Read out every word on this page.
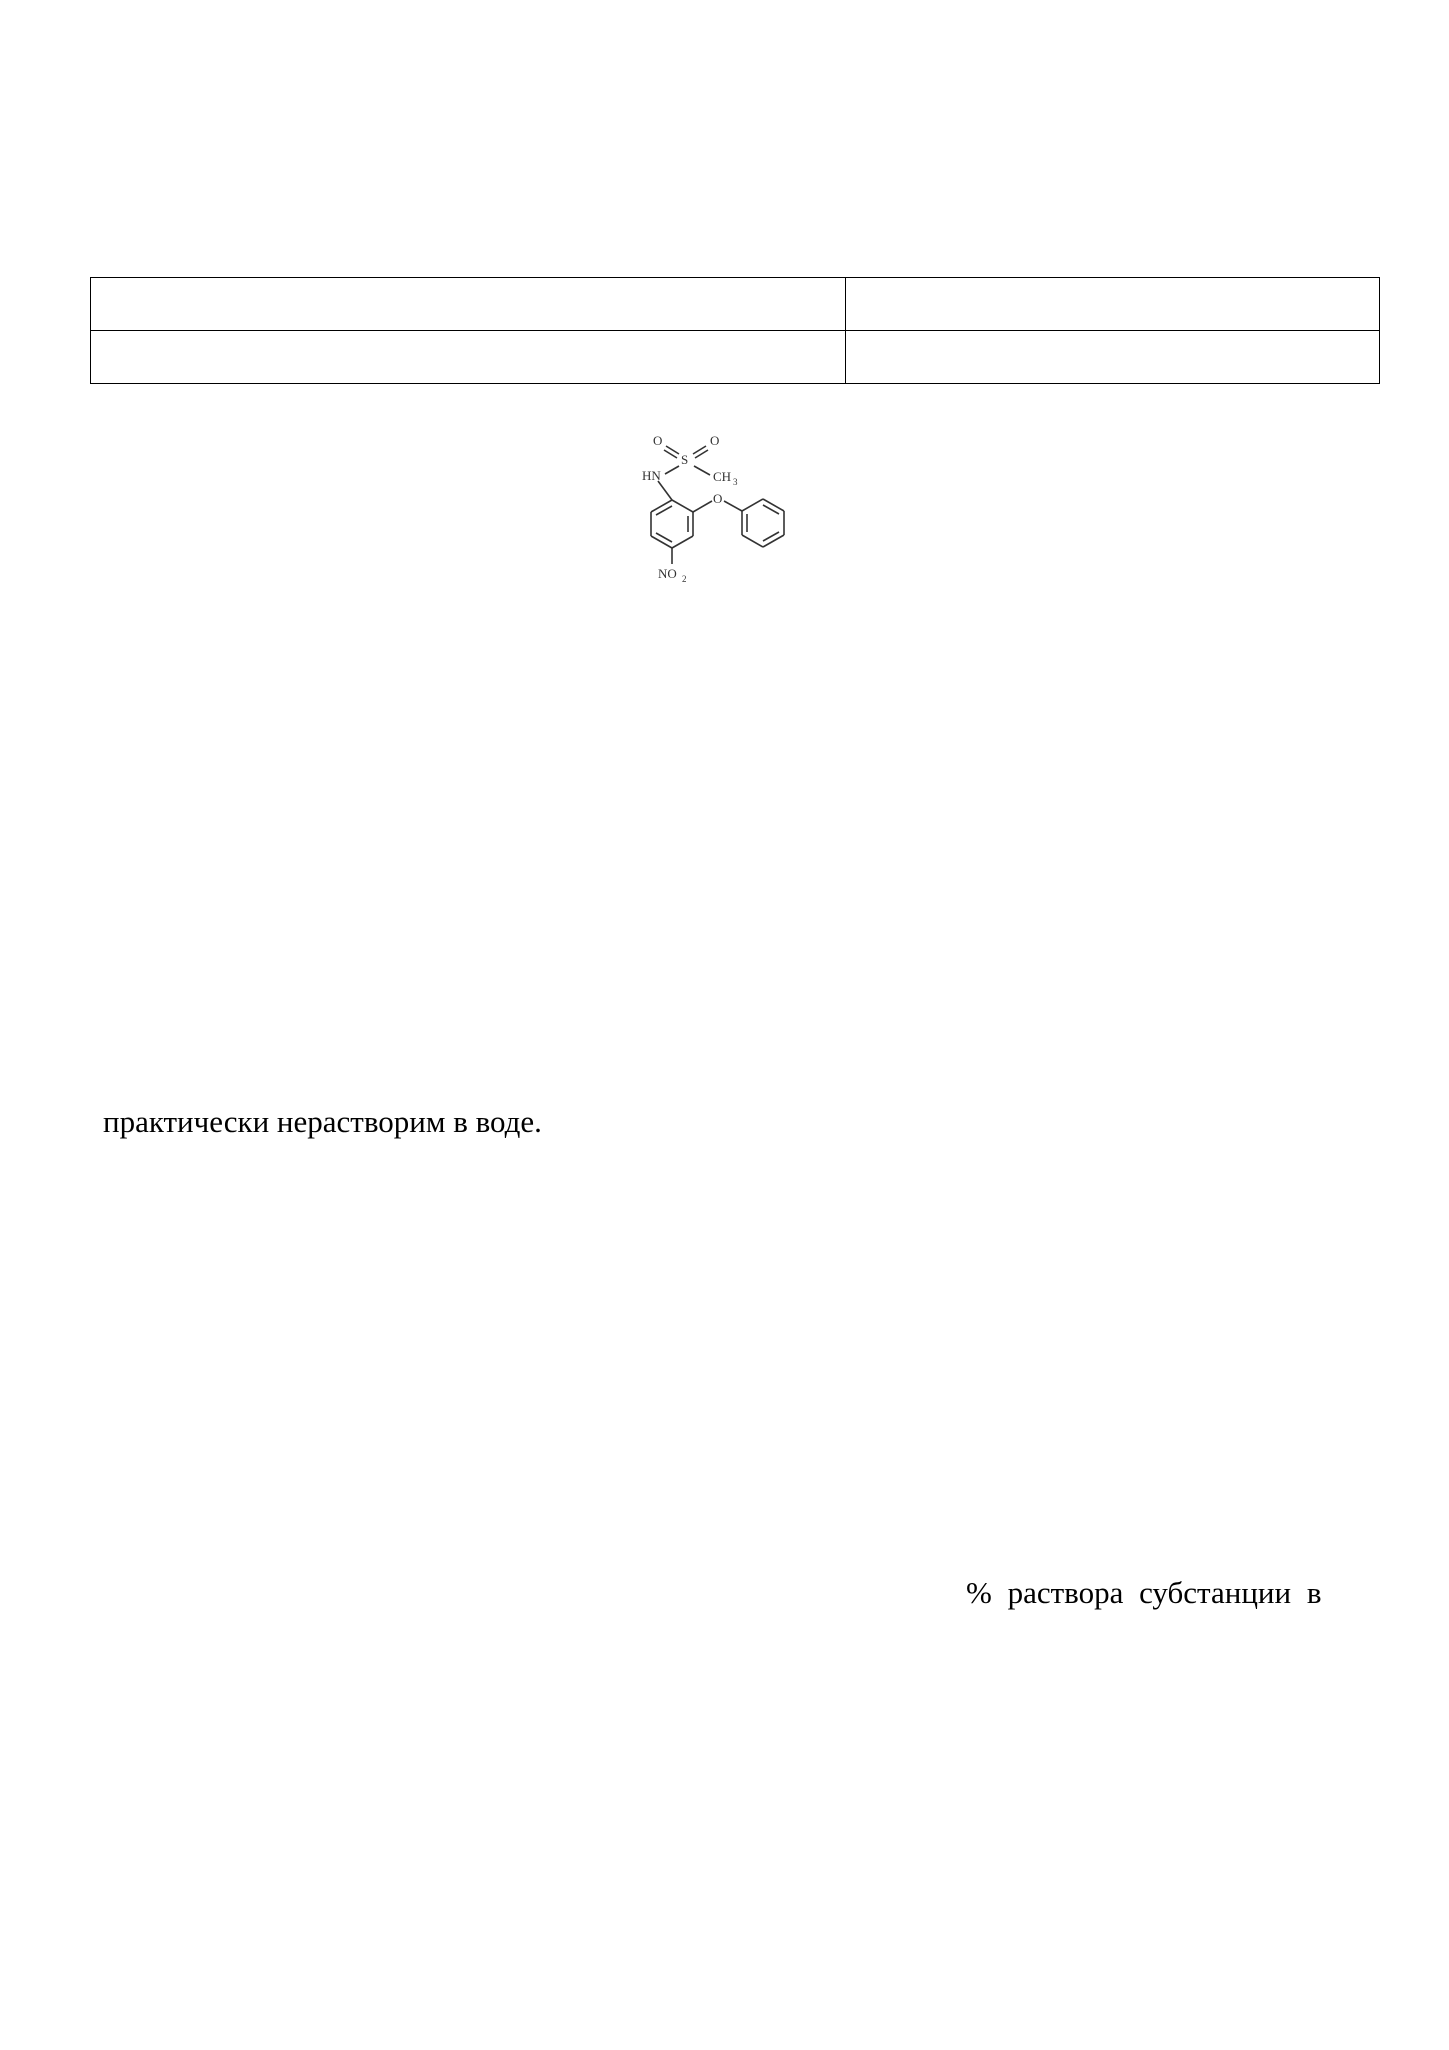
O
S
O
HN	CH 3
O
NO 2
практически нерастворим в воде.
% раствора субстанции в
